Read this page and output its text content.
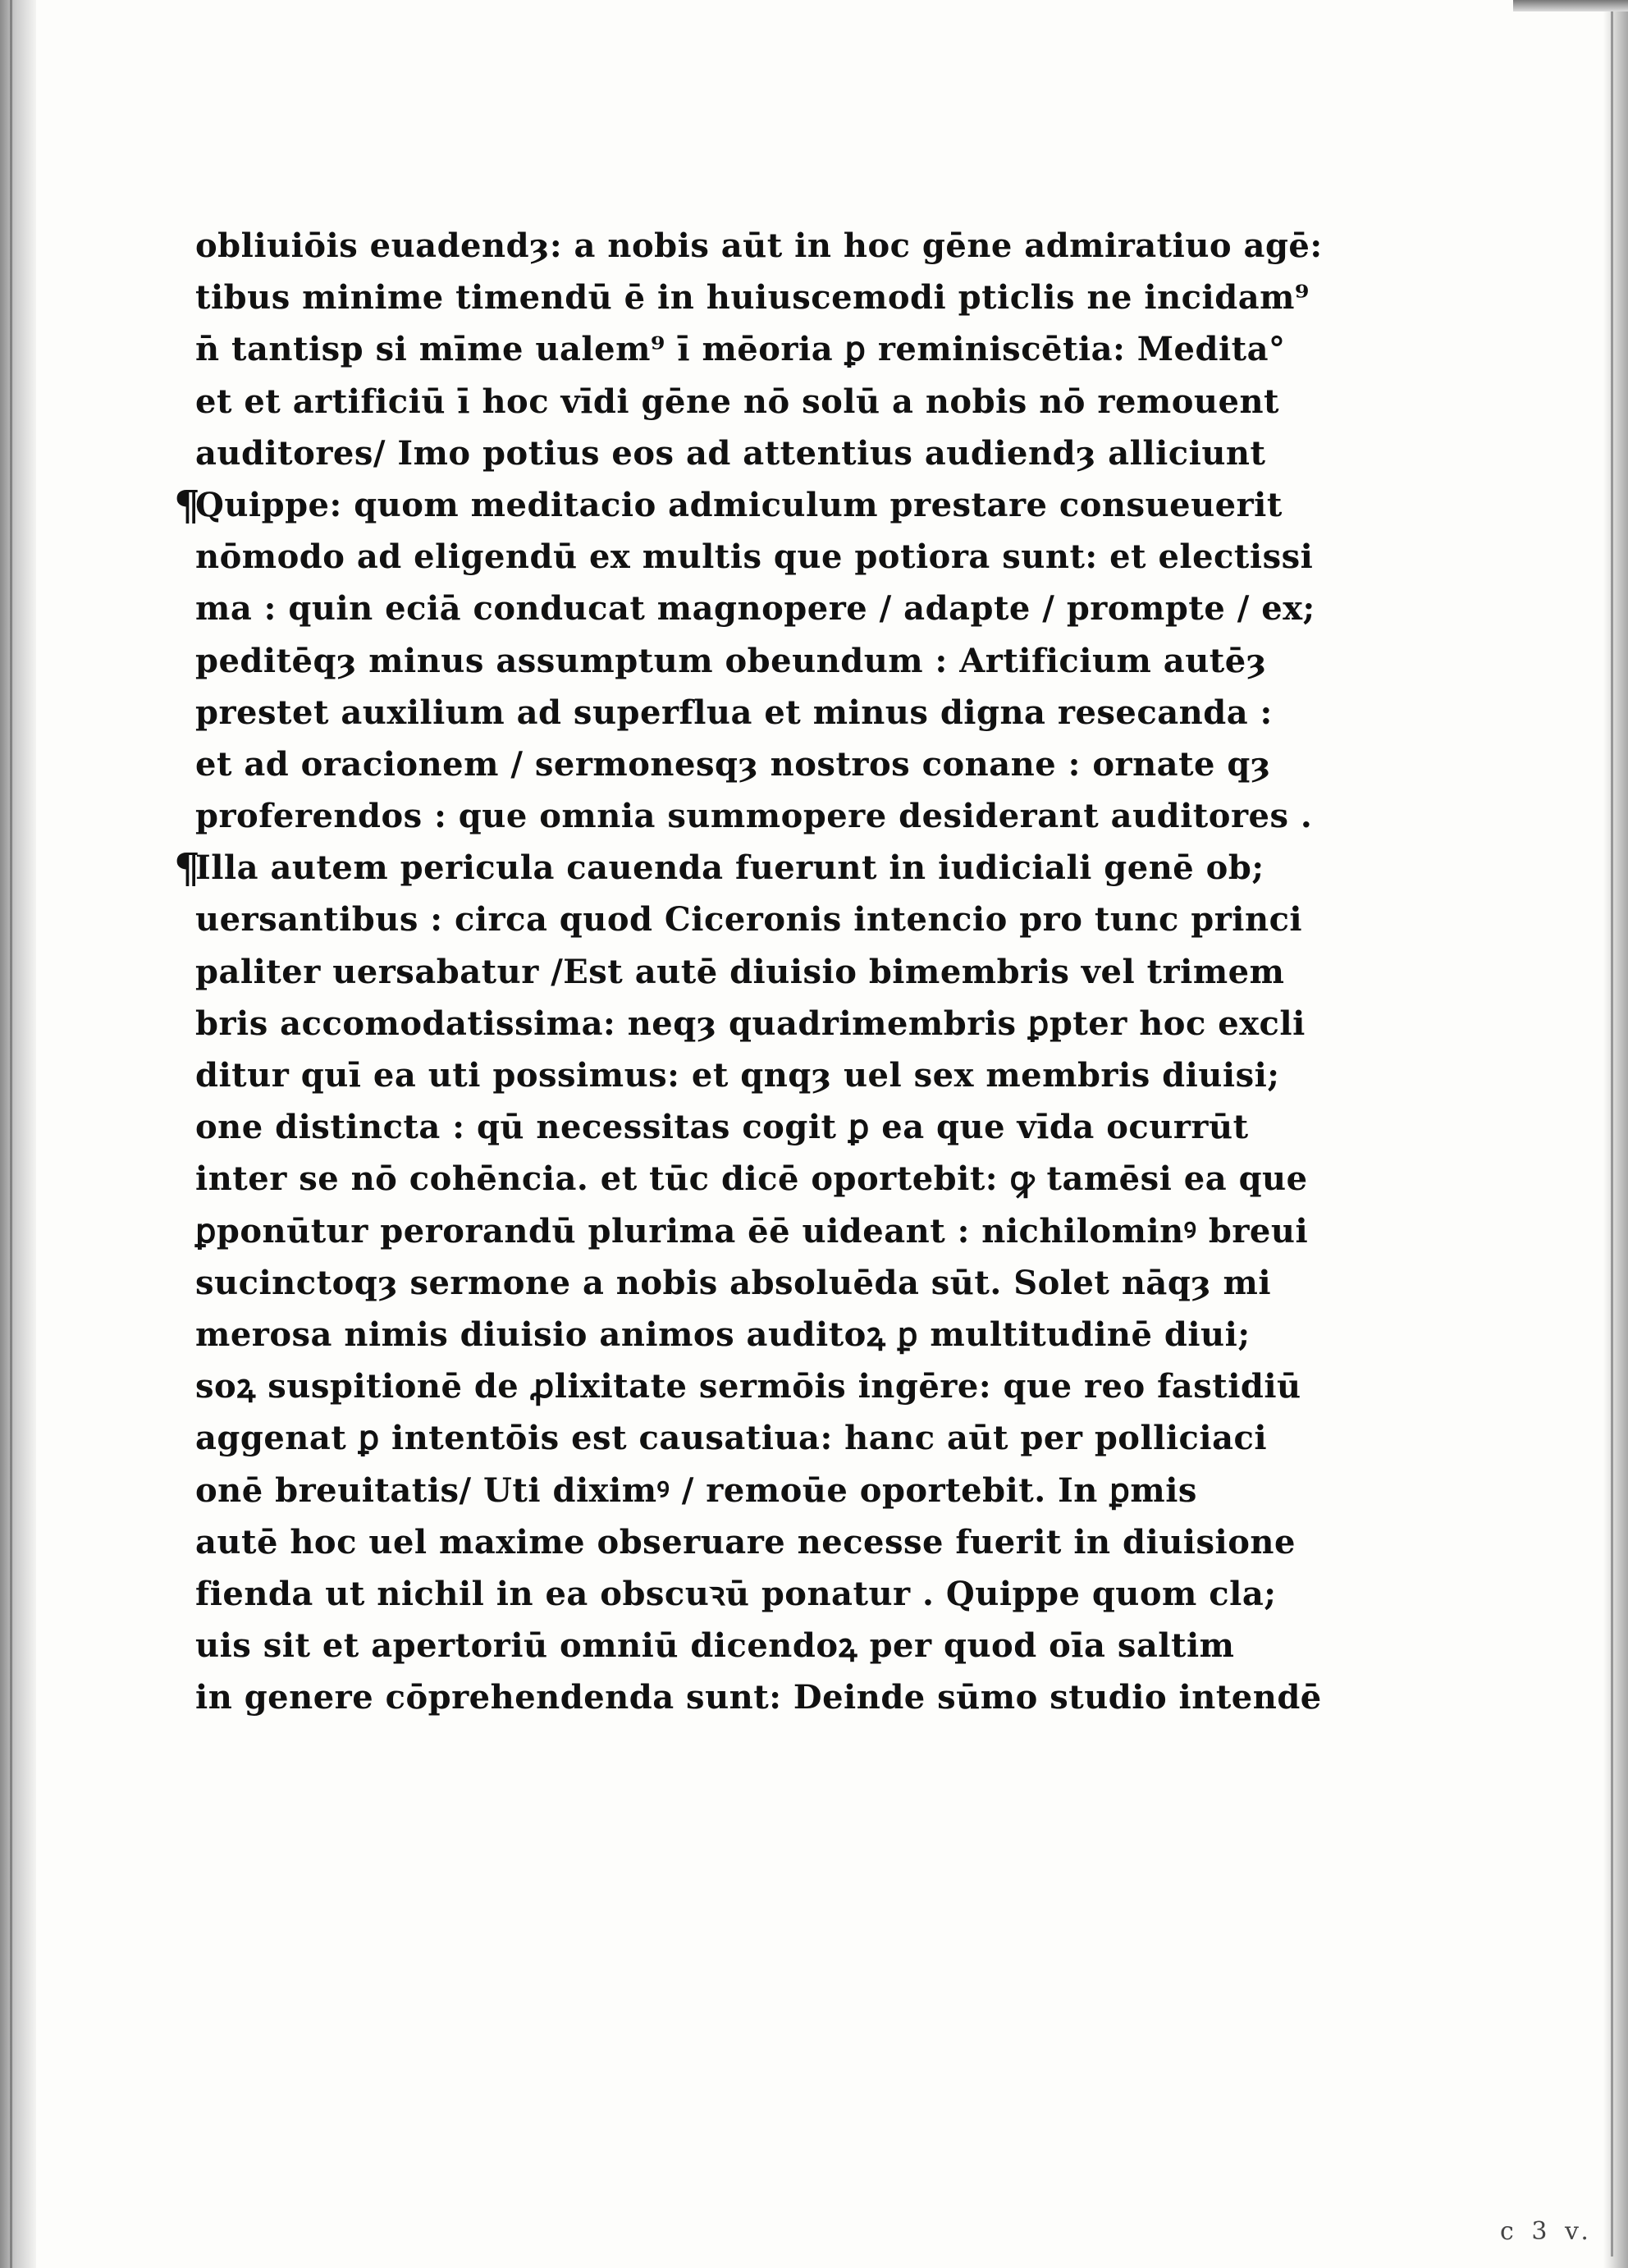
obliuiōis euadendȝ: a nobis aūt in hoc gēne admiratiuo agē:
tibus minime timendū ē in huiuscemodi pticlis ne incidam⁹
n̄ tantisp si mīme ualem⁹ ī mēoria ꝑ reminiscētia: Medita°
et et artificiū ī hoc vīdi gēne nō solū a nobis nō remouent
auditores/ Imo potius eos ad attentius audiendȝ alliciunt
¶
Quippe: quom meditacio admiculum prestare consueuerit
nōmodo ad eligendū ex multis que potiora sunt: et electissi
ma : quin eciā conducat magnopere / adapte / prompte / ex;
peditēqȝ minus assumptum obeundum : Artificium autēȝ
prestet auxilium ad superflua et minus digna resecanda :
et ad oracionem / sermonesqȝ nostros conane : ornate qȝ
proferendos : que omnia summopere desiderant auditores .
¶
Illa autem pericula cauenda fuerunt in iudiciali genē ob;
uersantibus : circa quod Ciceronis intencio pro tunc princi
paliter uersabatur /Est autē diuisio bimembris vel trimem
bris accomodatissima: neqȝ quadrimembris ꝑpter hoc excli
ditur quī ea uti possimus: et qnqȝ uel sex membris diuisi;
one distincta : qū necessitas cogit ꝑ ea que vīda ocurrūt
inter se nō cohēncia. et tūc dicē oportebit: ꝙ tamēsi ea que
ꝑponūtur perorandū plurima ēē uideant : nichilominꝰ breui
sucinctoqȝ sermone a nobis absoluēda sūt. Solet nāqȝ mi
merosa nimis diuisio animos auditoꝝ ꝑ multitudinē diui;
soꝝ suspitionē de ꝓlixitate sermōis ingēre: que reo fastidiū
aggenat ꝑ intentōis est causatiua: hanc aūt per polliciaci
onē breuitatis/ Uti diximꝰ / remoūe oportebit. In ꝑmis
autē hoc uel maxime obseruare necesse fuerit in diuisione
fienda ut nichil in ea obscuꝛū ponatur . Quippe quom cla;
uis sit et apertoriū omniū dicendoꝝ per quod oīa saltim
in genere cōprehendenda sunt: Deinde sūmo studio intendē
c 3 v.
